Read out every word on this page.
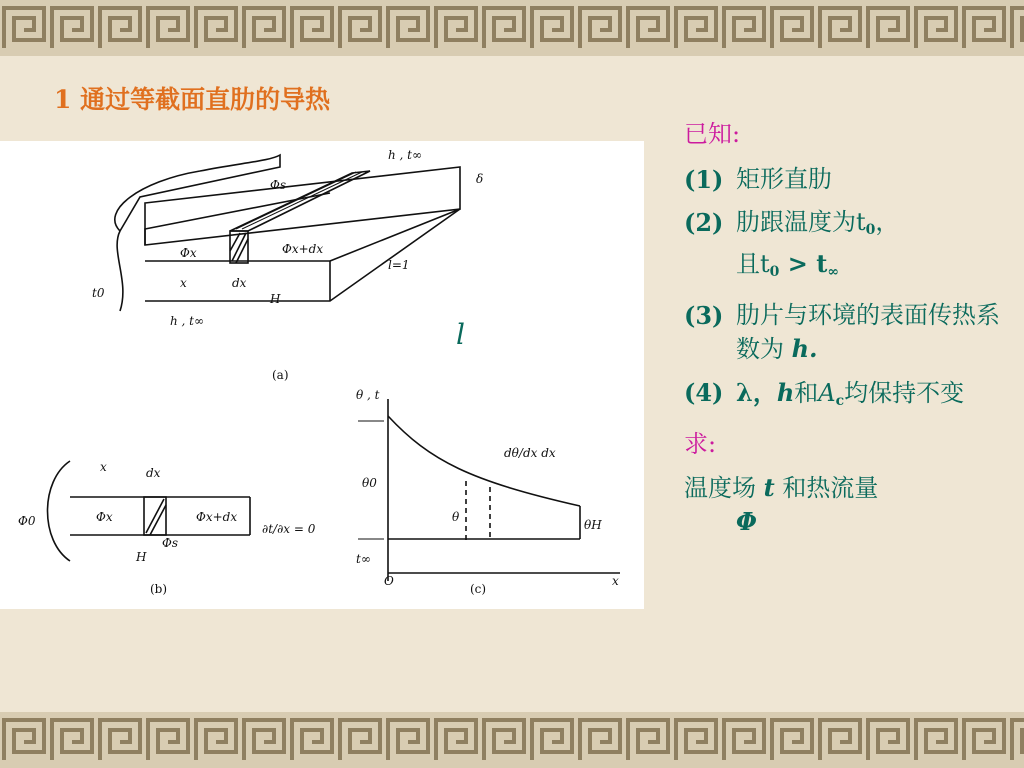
1 通过等截面直肋的导热
h , t∞
δ
Φs
Φx	Φx+dx
t0
x	dx
H
l=1
h , t∞
(a)
Φ0
x	dx
Φx	Φx+dx
Φs
H
∂t/∂x = 0
(b)
θ , t
θ0
θ
θH
t∞
O	x
dθ/dx dx
(c)
l
已知:
(1) 矩形直肋
(2) 肋跟温度为$t_0$，
且$t_0 > t_\infty$
(3) 肋片与环境的表面传热系数为 h.
(4) λ，h和$A_c$均保持不变
求:
温度场 t 和热流量
Φ
